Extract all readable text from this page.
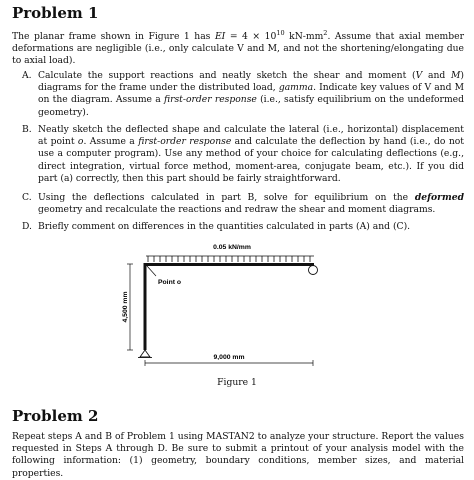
Problem 1

The planar frame shown in Figure 1 has EI = $4 \times 10^{10}$ $kN-mm^2$. Assume that axial member deformations are negligible (i.e., only calculate V and M, and not the shortening/elongating due to axial load).

A. Calculate the support reactions and neatly sketch the shear and moment (V and M) diagrams for the frame under the distributed load, gamma. Indicate key values of V and M on the diagram. Assume a first-order response (i.e., satisfy equilibrium on the undeformed geometry).

B. Neatly sketch the deflected shape and calculate the lateral (i.e., horizontal) displacement at point o. Assume a first-order response and calculate the deflection by hand (i.e., do not use a computer program). Use any method of your choice for calculating deflections (e.g., direct integration, virtual force method, moment-area, conjugate beam, etc.). If you did part (a) correctly, then this part should be fairly straightforward.

C. Using the deflections calculated in part B, solve for equilibrium on the deformed geometry and recalculate the reactions and redraw the shear and moment diagrams.

D. Briefly comment on differences in the quantities calculated in parts (A) and (C).

0.05 kN/mm
Point o
4,500 mm
9,000 mm
Figure 1
Problem 2

Repeat steps A and B of Problem 1 using MASTAN2 to analyze your structure. Report the values requested in Steps A through D. Be sure to submit a printout of your analysis model with the following information: (1) geometry, boundary conditions, member sizes, and material properties.
